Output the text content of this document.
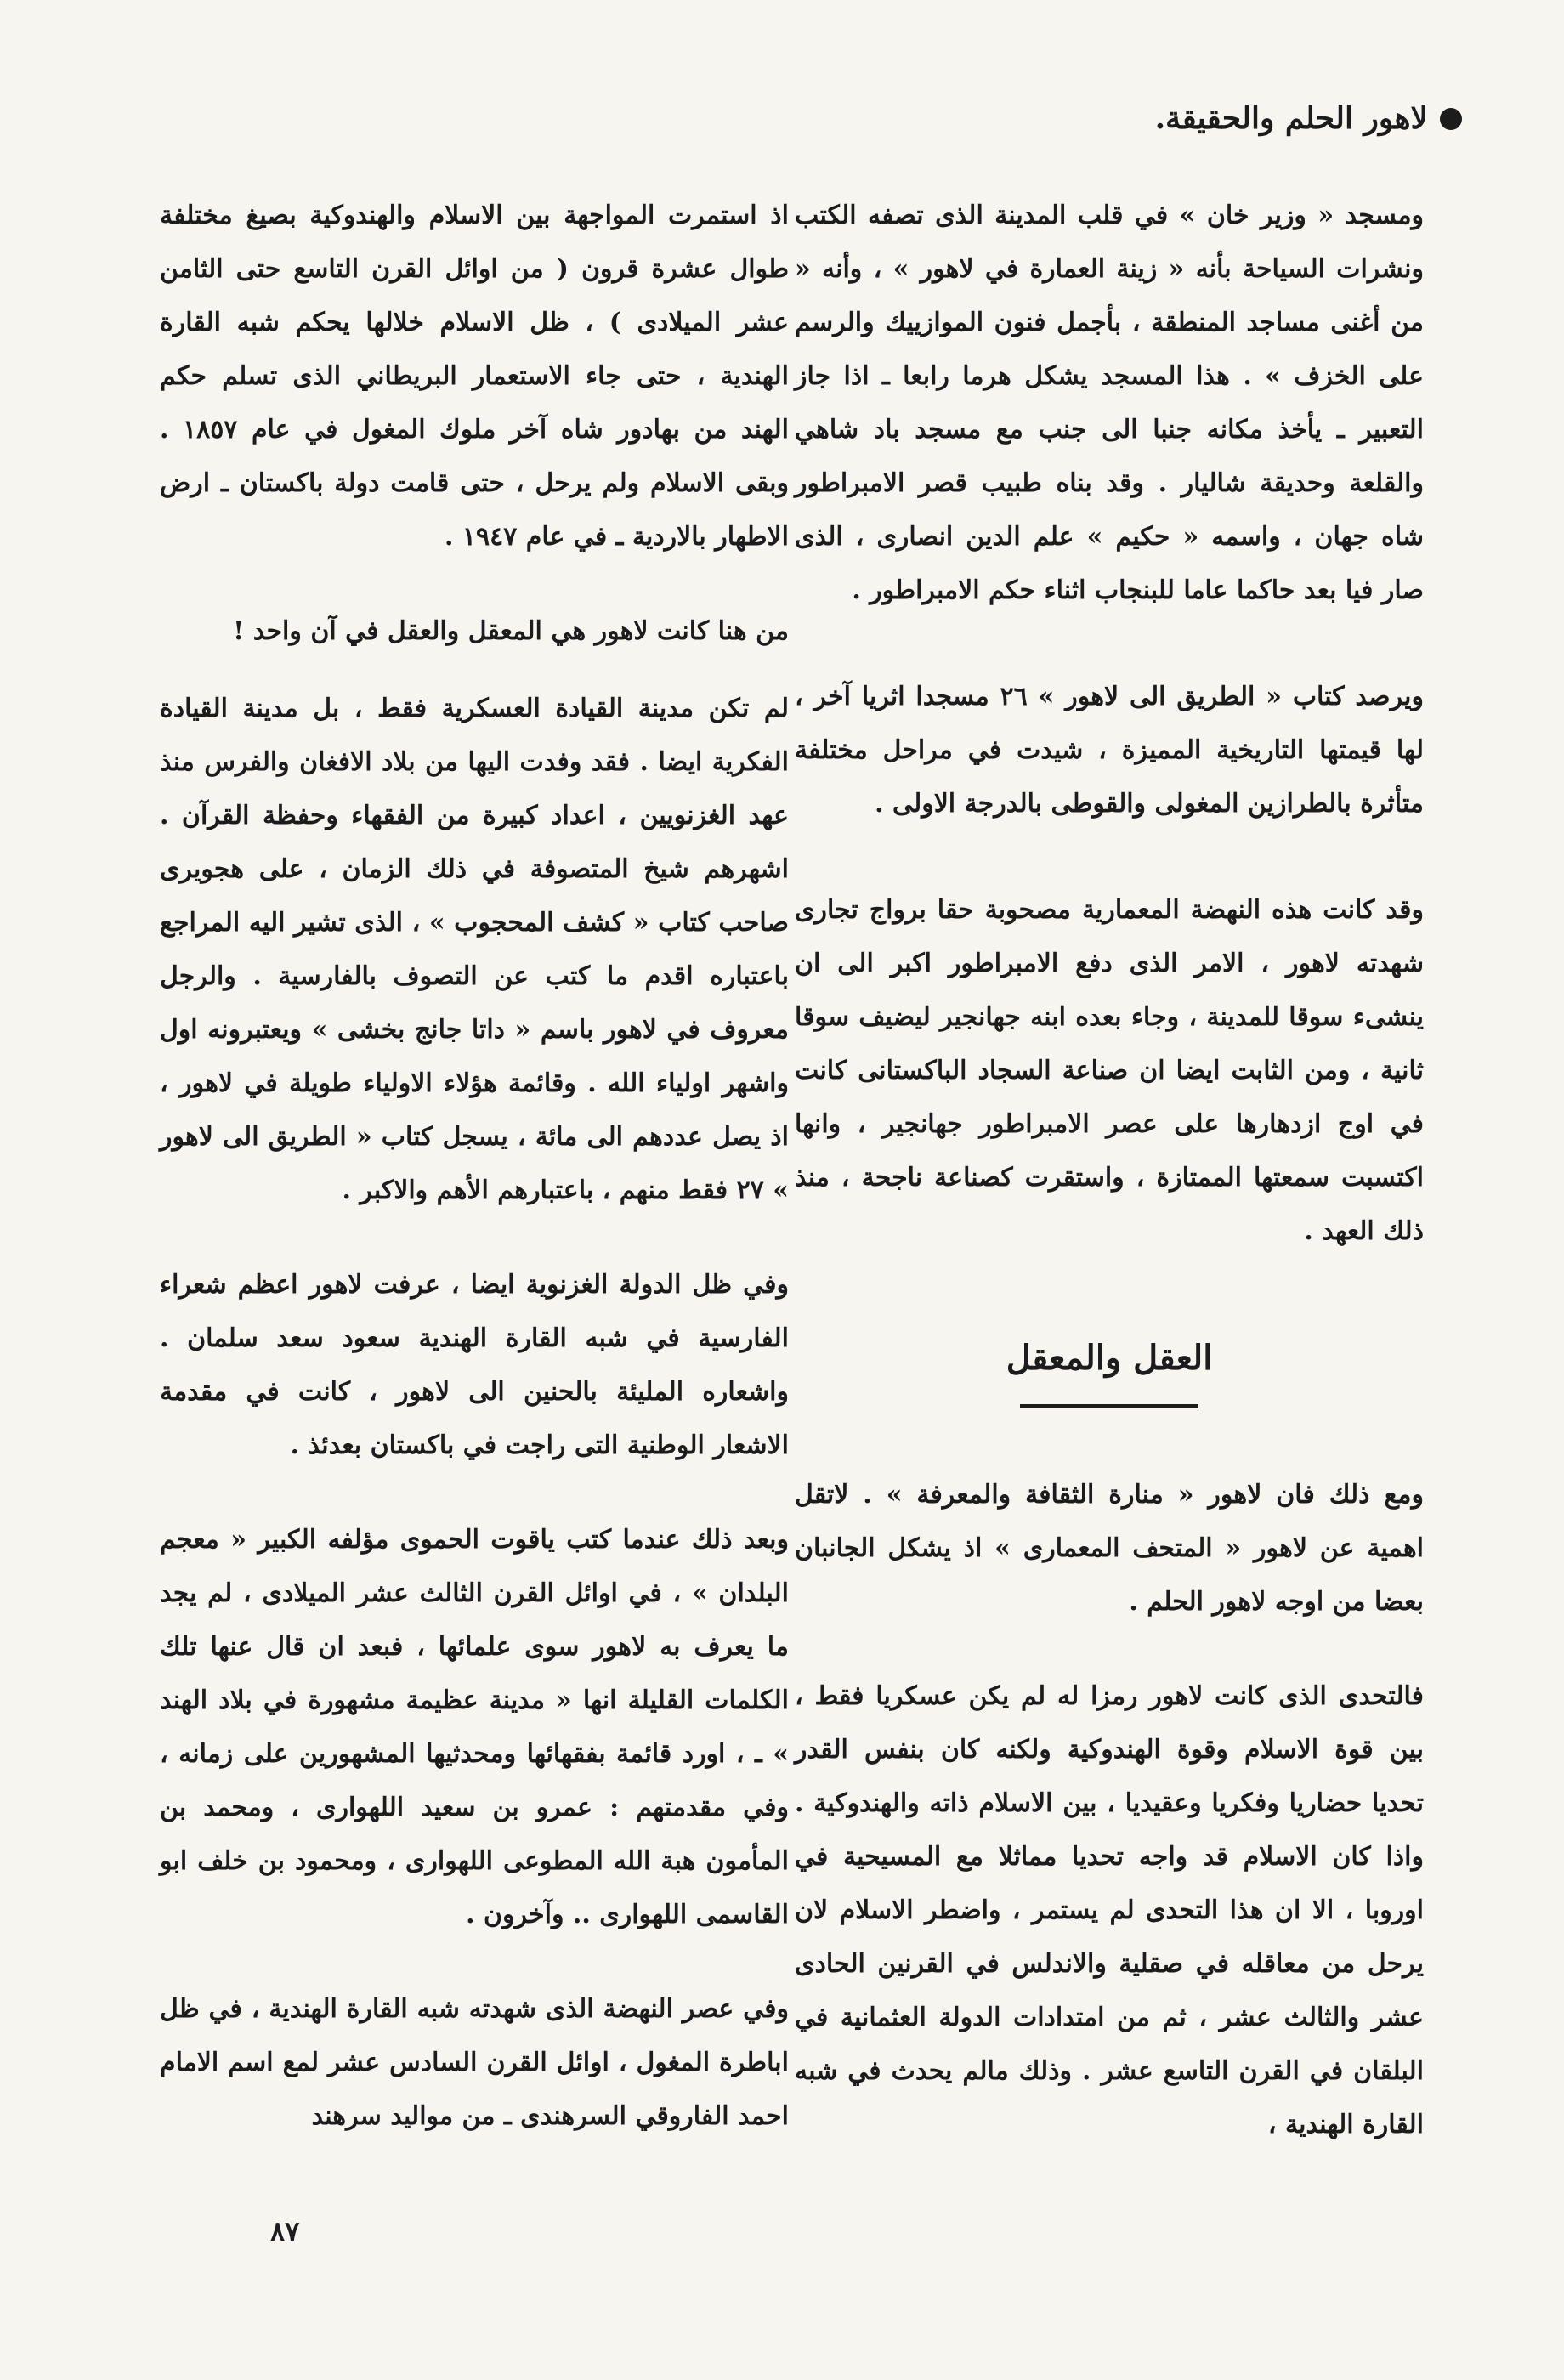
لاهور الحلم والحقيقة.

ومسجد « وزير خان » في قلب المدينة الذى تصفه الكتب ونشرات السياحة بأنه « زينة العمارة في لاهور » ، وأنه « من أغنى مساجد المنطقة ، بأجمل فنون الموازييك والرسم على الخزف » . هذا المسجد يشكل هرما رابعا ـ اذا جاز التعبير ـ يأخذ مكانه جنبا الى جنب مع مسجد باد شاهي والقلعة وحديقة شاليار . وقد بناه طبيب قصر الامبراطور شاه جهان ، واسمه « حكيم » علم الدين انصارى ، الذى صار فيا بعد حاكما عاما للبنجاب اثناء حكم الامبراطور .

ويرصد كتاب « الطريق الى لاهور » ٢٦ مسجدا اثريا آخر ، لها قيمتها التاريخية المميزة ، شيدت في مراحل مختلفة متأثرة بالطرازين المغولى والقوطى بالدرجة الاولى .

وقد كانت هذه النهضة المعمارية مصحوبة حقا برواج تجارى شهدته لاهور ، الامر الذى دفع الامبراطور اكبر الى ان ينشىء سوقا للمدينة ، وجاء بعده ابنه جهانجير ليضيف سوقا ثانية ، ومن الثابت ايضا ان صناعة السجاد الباكستانى كانت في اوج ازدهارها على عصر الامبراطور جهانجير ، وانها اكتسبت سمعتها الممتازة ، واستقرت كصناعة ناجحة ، منذ ذلك العهد .

العقل والمعقل

ومع ذلك فان لاهور « منارة الثقافة والمعرفة » . لاتقل اهمية عن لاهور « المتحف المعمارى » اذ يشكل الجانبان بعضا من اوجه لاهور الحلم .

فالتحدى الذى كانت لاهور رمزا له لم يكن عسكريا فقط ، بين قوة الاسلام وقوة الهندوكية ولكنه كان بنفس القدر تحديا حضاريا وفكريا وعقيديا ، بين الاسلام ذاته والهندوكية . واذا كان الاسلام قد واجه تحديا مماثلا مع المسيحية في اوروبا ، الا ان هذا التحدى لم يستمر ، واضطر الاسلام لان يرحل من معاقله في صقلية والاندلس في القرنين الحادى عشر والثالث عشر ، ثم من امتدادات الدولة العثمانية في البلقان في القرن التاسع عشر . وذلك مالم يحدث في شبه القارة الهندية ،

اذ استمرت المواجهة بين الاسلام والهندوكية بصيغ مختلفة طوال عشرة قرون ( من اوائل القرن التاسع حتى الثامن عشر الميلادى ) ، ظل الاسلام خلالها يحكم شبه القارة الهندية ، حتى جاء الاستعمار البريطاني الذى تسلم حكم الهند من بهادور شاه آخر ملوك المغول في عام ١٨٥٧ . وبقى الاسلام ولم يرحل ، حتى قامت دولة باكستان ـ ارض الاطهار بالاردية ـ في عام ١٩٤٧ .

من هنا كانت لاهور هي المعقل والعقل في آن واحد !

لم تكن مدينة القيادة العسكرية فقط ، بل مدينة القيادة الفكرية ايضا . فقد وفدت اليها من بلاد الافغان والفرس منذ عهد الغزنويين ، اعداد كبيرة من الفقهاء وحفظة القرآن . اشهرهم شيخ المتصوفة في ذلك الزمان ، على هجويرى صاحب كتاب « كشف المحجوب » ، الذى تشير اليه المراجع باعتباره اقدم ما كتب عن التصوف بالفارسية . والرجل معروف في لاهور باسم « داتا جانج بخشى » ويعتبرونه اول واشهر اولياء الله . وقائمة هؤلاء الاولياء طويلة في لاهور ، اذ يصل عددهم الى مائة ، يسجل كتاب « الطريق الى لاهور » ٢٧ فقط منهم ، باعتبارهم الأهم والاكبر .

وفي ظل الدولة الغزنوية ايضا ، عرفت لاهور اعظم شعراء الفارسية في شبه القارة الهندية سعود سعد سلمان . واشعاره المليئة بالحنين الى لاهور ، كانت في مقدمة الاشعار الوطنية التى راجت في باكستان بعدئذ .

وبعد ذلك عندما كتب ياقوت الحموى مؤلفه الكبير « معجم البلدان » ، في اوائل القرن الثالث عشر الميلادى ، لم يجد ما يعرف به لاهور سوى علمائها ، فبعد ان قال عنها تلك الكلمات القليلة انها « مدينة عظيمة مشهورة في بلاد الهند » ـ ، اورد قائمة بفقهائها ومحدثيها المشهورين على زمانه ، وفي مقدمتهم : عمرو بن سعيد اللهوارى ، ومحمد بن المأمون هبة الله المطوعى اللهوارى ، ومحمود بن خلف ابو القاسمى اللهوارى .. وآخرون .

وفي عصر النهضة الذى شهدته شبه القارة الهندية ، في ظل اباطرة المغول ، اوائل القرن السادس عشر لمع اسم الامام احمد الفاروقي السرهندى ـ من مواليد سرهند

٨٧
